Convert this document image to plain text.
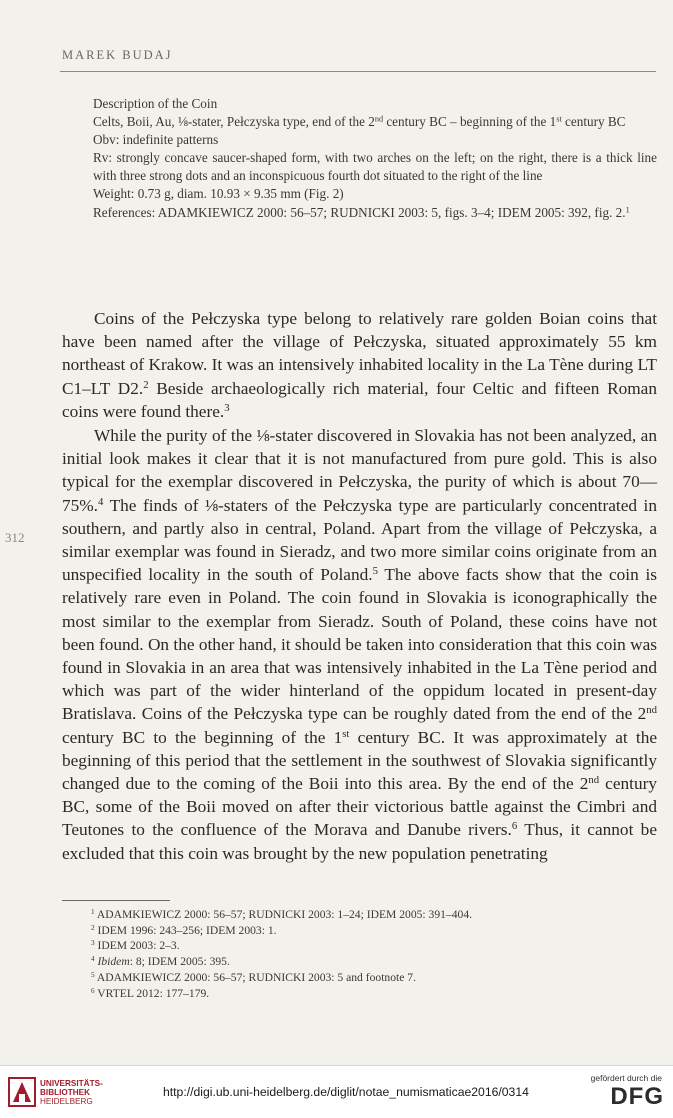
MAREK BUDAJ
312

Description of the Coin

Celts, Boii, Au, ⅛-stater, Pełczyska type, end of the 2nd century BC – beginning of the 1st century BC

Obv: indefinite patterns

Rv: strongly concave saucer-shaped form, with two arches on the left; on the right, there is a thick line with three strong dots and an inconspicuous fourth dot situated to the right of the line

Weight: 0.73 g, diam. 10.93 × 9.35 mm (Fig. 2)

References: ADAMKIEWICZ 2000: 56–57; RUDNICKI 2003: 5, figs. 3–4; IDEM 2005: 392, fig. 2.$^1$

Coins of the Pełczyska type belong to relatively rare golden Boian coins that have been named after the village of Pełczyska, situated approximately 55 km northeast of Krakow. It was an intensively inhabited locality in the La Tène during LT C1–LT D2.$^2$ Beside archaeologically rich material, four Celtic and fifteen Roman coins were found there.$^3$

While the purity of the ⅛-stater discovered in Slovakia has not been analyzed, an initial look makes it clear that it is not manufactured from pure gold. This is also typical for the exemplar discovered in Pełczyska, the purity of which is about 70––75%.$^4$ The finds of ⅛-staters of the Pełczyska type are particularly concentrated in southern, and partly also in central, Poland. Apart from the village of Pełczyska, a similar exemplar was found in Sieradz, and two more similar coins originate from an unspecified locality in the south of Poland.$^5$ The above facts show that the coin is relatively rare even in Poland. The coin found in Slovakia is iconographically the most similar to the exemplar from Sieradz. South of Poland, these coins have not been found. On the other hand, it should be taken into consideration that this coin was found in Slovakia in an area that was intensively inhabited in the La Tène period and which was part of the wider hinterland of the oppidum located in present-day Bratislava. Coins of the Pełczyska type can be roughly dated from the end of the 2nd century BC to the beginning of the 1st century BC. It was approximately at the beginning of this period that the settlement in the southwest of Slovakia significantly changed due to the coming of the Boii into this area. By the end of the 2nd century BC, some of the Boii moved on after their victorious battle against the Cimbri and Teutones to the confluence of the Morava and Danube rivers.$^6$ Thus, it cannot be excluded that this coin was brought by the new population penetrating

$^1$ ADAMKIEWICZ 2000: 56–57; RUDNICKI 2003: 1–24; IDEM 2005: 391–404.
$^2$ IDEM 1996: 243–256; IDEM 2003: 1.
$^3$ IDEM 2003: 2–3.
$^4$ Ibidem: 8; IDEM 2005: 395.
$^5$ ADAMKIEWICZ 2000: 56–57; RUDNICKI 2003: 5 and footnote 7.
$^6$ VRTEL 2012: 177–179.
UNIVERSITÄTS-
BIBLIOTHEK
HEIDELBERG
http://digi.ub.uni-heidelberg.de/diglit/notae_numismaticae2016/0314
gefördert durch die
DFG
